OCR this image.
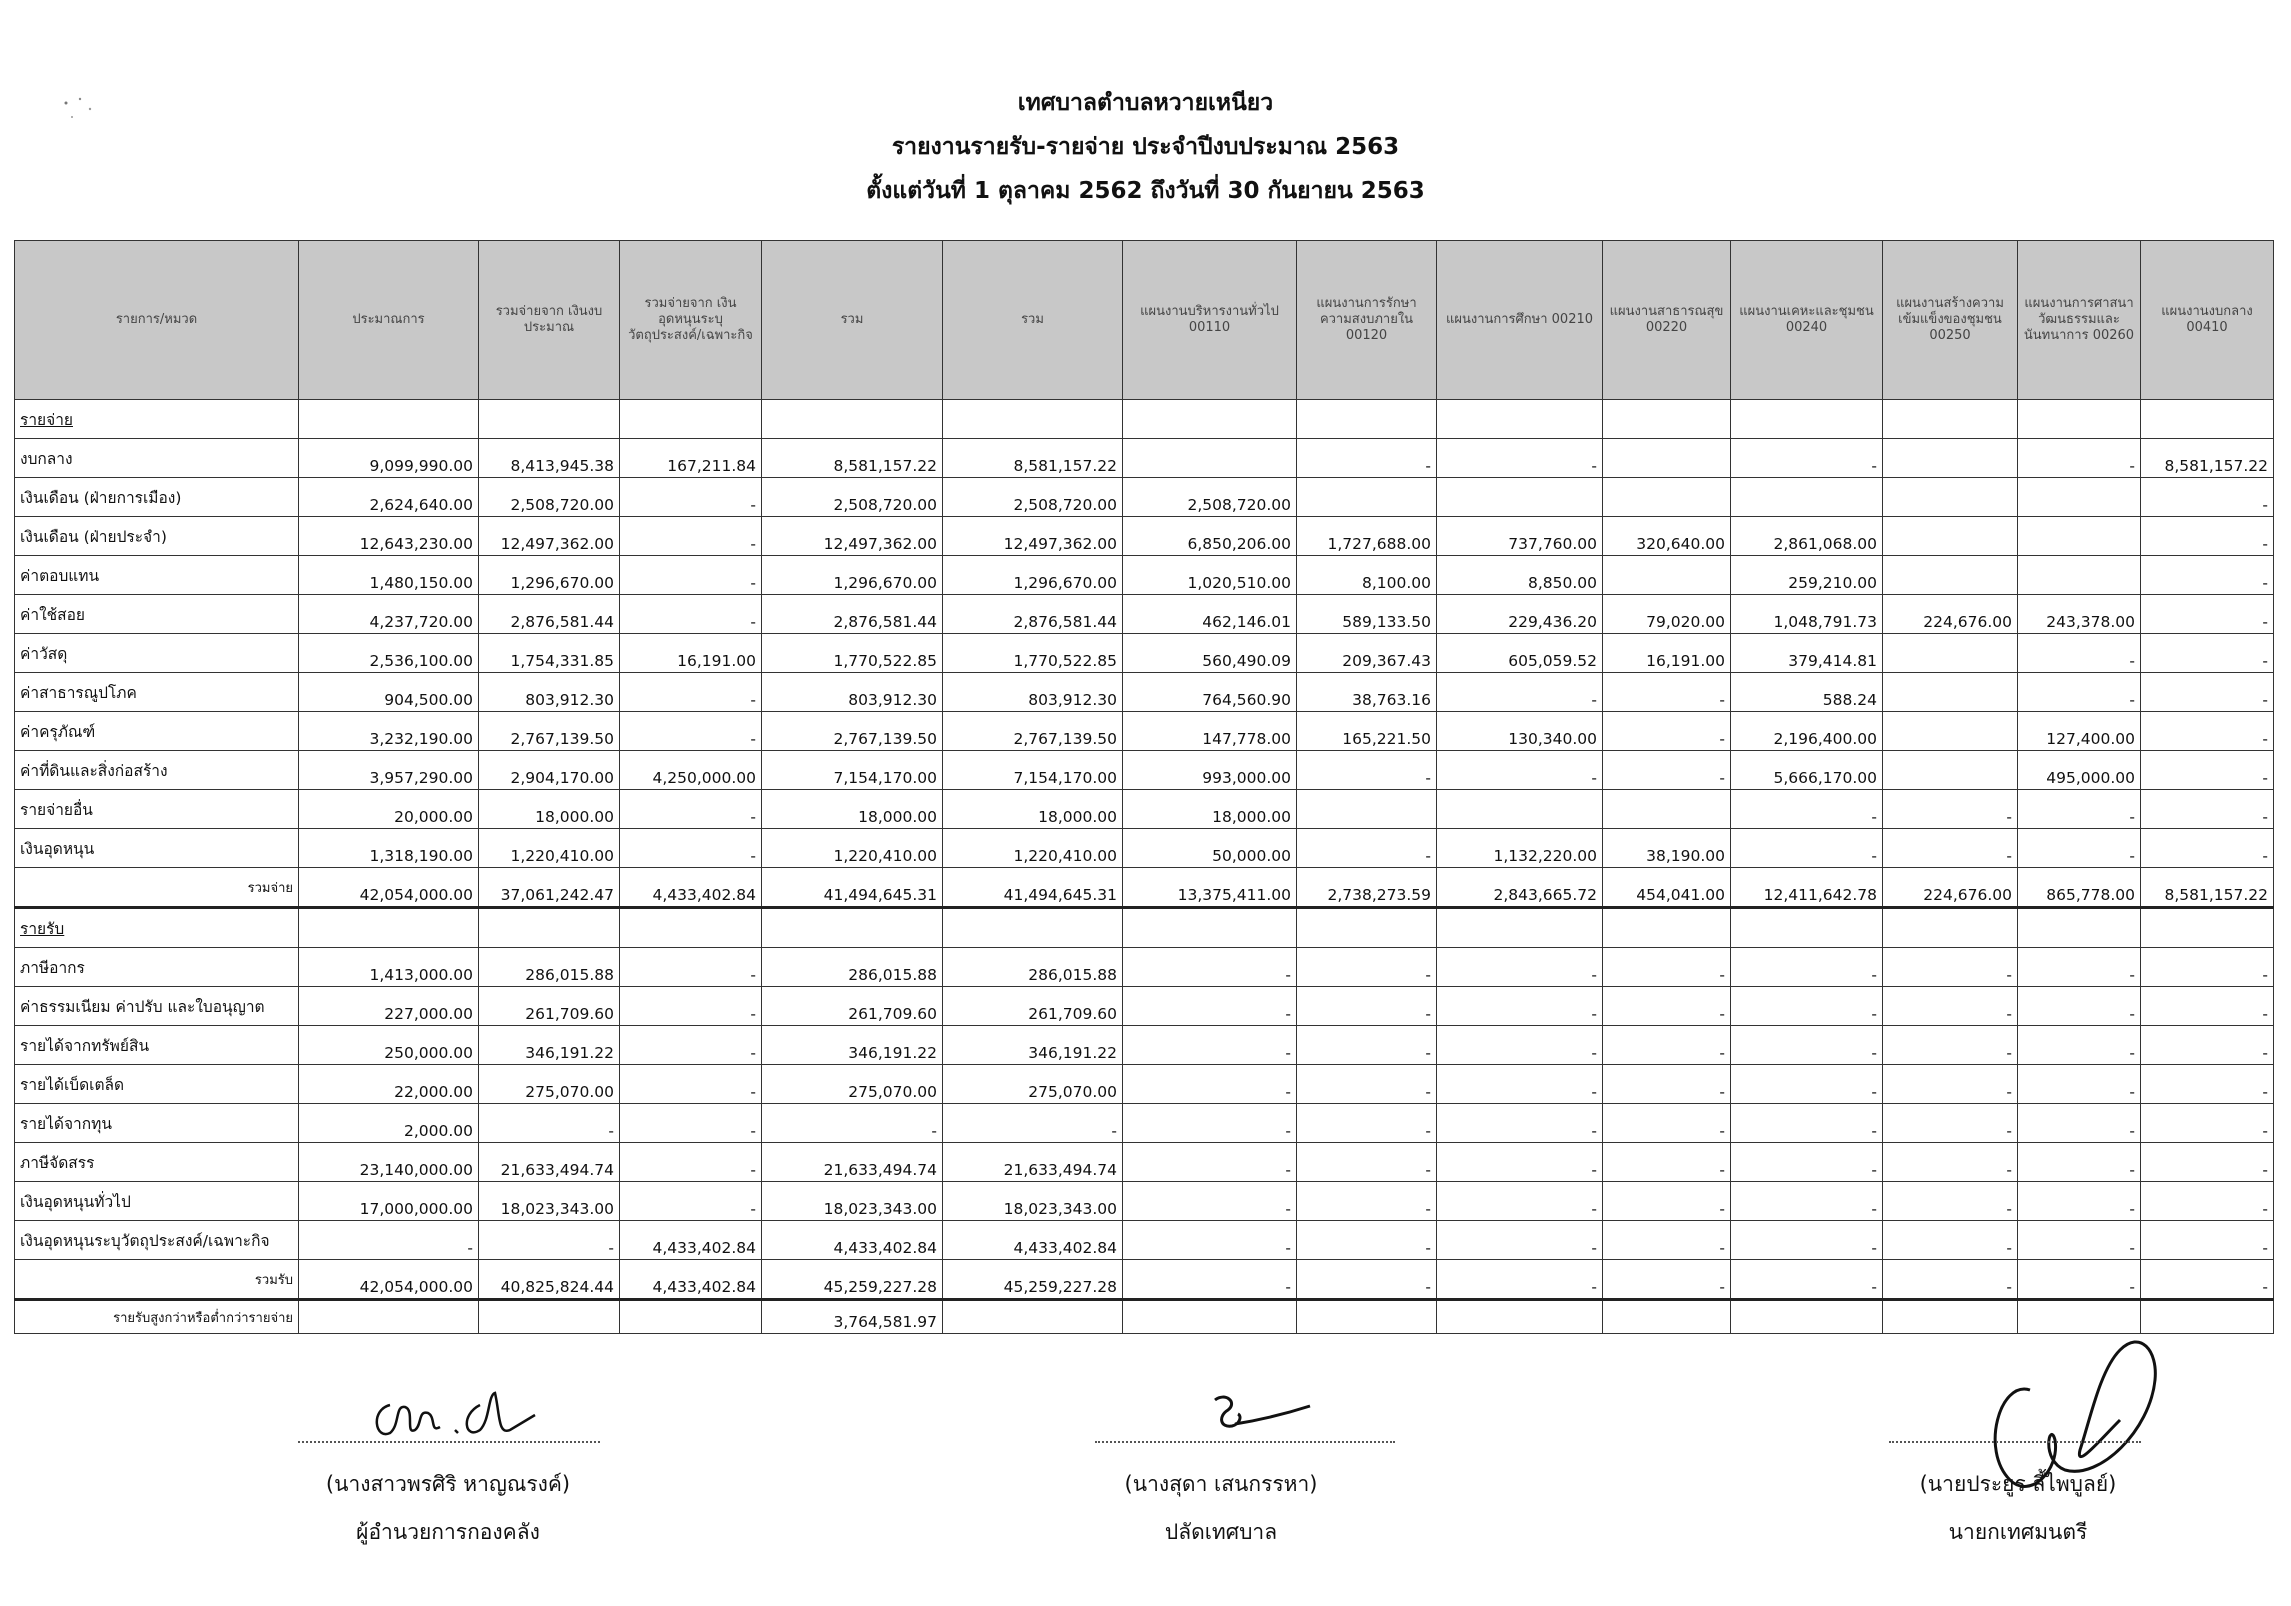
เทศบาลตำบลหวายเหนียว
รายงานรายรับ-รายจ่าย ประจำปีงบประมาณ 2563
ตั้งแต่วันที่ 1 ตุลาคม 2562 ถึงวันที่ 30 กันยายน 2563
รายการ/หมวด	ประมาณการ	รวมจ่ายจาก เงินงบประมาณ	รวมจ่ายจาก เงินอุดหนุนระบุวัตถุประสงค์/เฉพาะกิจ	รวม	รวม	แผนงานบริหารงานทั่วไป 00110	แผนงานการรักษาความสงบภายใน 00120	แผนงานการศึกษา 00210	แผนงานสาธารณสุข 00220	แผนงานเคหะและชุมชน 00240	แผนงานสร้างความเข้มแข็งของชุมชน 00250	แผนงานการศาสนา วัฒนธรรมและนันทนาการ 00260	แผนงานงบกลาง 00410
รายจ่าย													
งบกลาง	9,099,990.00	8,413,945.38	167,211.84	8,581,157.22	8,581,157.22		-	-		-		-	8,581,157.22
เงินเดือน (ฝ่ายการเมือง)	2,624,640.00	2,508,720.00	-	2,508,720.00	2,508,720.00	2,508,720.00							-
เงินเดือน (ฝ่ายประจำ)	12,643,230.00	12,497,362.00	-	12,497,362.00	12,497,362.00	6,850,206.00	1,727,688.00	737,760.00	320,640.00	2,861,068.00			-
ค่าตอบแทน	1,480,150.00	1,296,670.00	-	1,296,670.00	1,296,670.00	1,020,510.00	8,100.00	8,850.00		259,210.00			-
ค่าใช้สอย	4,237,720.00	2,876,581.44	-	2,876,581.44	2,876,581.44	462,146.01	589,133.50	229,436.20	79,020.00	1,048,791.73	224,676.00	243,378.00	-
ค่าวัสดุ	2,536,100.00	1,754,331.85	16,191.00	1,770,522.85	1,770,522.85	560,490.09	209,367.43	605,059.52	16,191.00	379,414.81		-	-
ค่าสาธารณูปโภค	904,500.00	803,912.30	-	803,912.30	803,912.30	764,560.90	38,763.16	-	-	588.24		-	-
ค่าครุภัณฑ์	3,232,190.00	2,767,139.50	-	2,767,139.50	2,767,139.50	147,778.00	165,221.50	130,340.00	-	2,196,400.00		127,400.00	-
ค่าที่ดินและสิ่งก่อสร้าง	3,957,290.00	2,904,170.00	4,250,000.00	7,154,170.00	7,154,170.00	993,000.00	-	-	-	5,666,170.00		495,000.00	-
รายจ่ายอื่น	20,000.00	18,000.00	-	18,000.00	18,000.00	18,000.00				-	-	-	-
เงินอุดหนุน	1,318,190.00	1,220,410.00	-	1,220,410.00	1,220,410.00	50,000.00	-	1,132,220.00	38,190.00	-	-	-	-
รวมจ่าย	42,054,000.00	37,061,242.47	4,433,402.84	41,494,645.31	41,494,645.31	13,375,411.00	2,738,273.59	2,843,665.72	454,041.00	12,411,642.78	224,676.00	865,778.00	8,581,157.22
รายรับ													
ภาษีอากร	1,413,000.00	286,015.88	-	286,015.88	286,015.88	-	-	-	-	-	-	-	-
ค่าธรรมเนียม ค่าปรับ และใบอนุญาต	227,000.00	261,709.60	-	261,709.60	261,709.60	-	-	-	-	-	-	-	-
รายได้จากทรัพย์สิน	250,000.00	346,191.22	-	346,191.22	346,191.22	-	-	-	-	-	-	-	-
รายได้เบ็ดเตล็ด	22,000.00	275,070.00	-	275,070.00	275,070.00	-	-	-	-	-	-	-	-
รายได้จากทุน	2,000.00	-	-	-	-	-	-	-	-	-	-	-	-
ภาษีจัดสรร	23,140,000.00	21,633,494.74	-	21,633,494.74	21,633,494.74	-	-	-	-	-	-	-	-
เงินอุดหนุนทั่วไป	17,000,000.00	18,023,343.00	-	18,023,343.00	18,023,343.00	-	-	-	-	-	-	-	-
เงินอุดหนุนระบุวัตถุประสงค์/เฉพาะกิจ	-	-	4,433,402.84	4,433,402.84	4,433,402.84	-	-	-	-	-	-	-	-
รวมรับ	42,054,000.00	40,825,824.44	4,433,402.84	45,259,227.28	45,259,227.28	-	-	-	-	-	-	-	-
รายรับสูงกว่าหรือต่ำกว่ารายจ่าย				3,764,581.97									
(นางสาวพรศิริ หาญณรงค์)
ผู้อำนวยการกองคลัง
(นางสุดา เสนกรรหา)
ปลัดเทศบาล
(นายประยูร ลี้ไพบูลย์)
นายกเทศมนตรี
